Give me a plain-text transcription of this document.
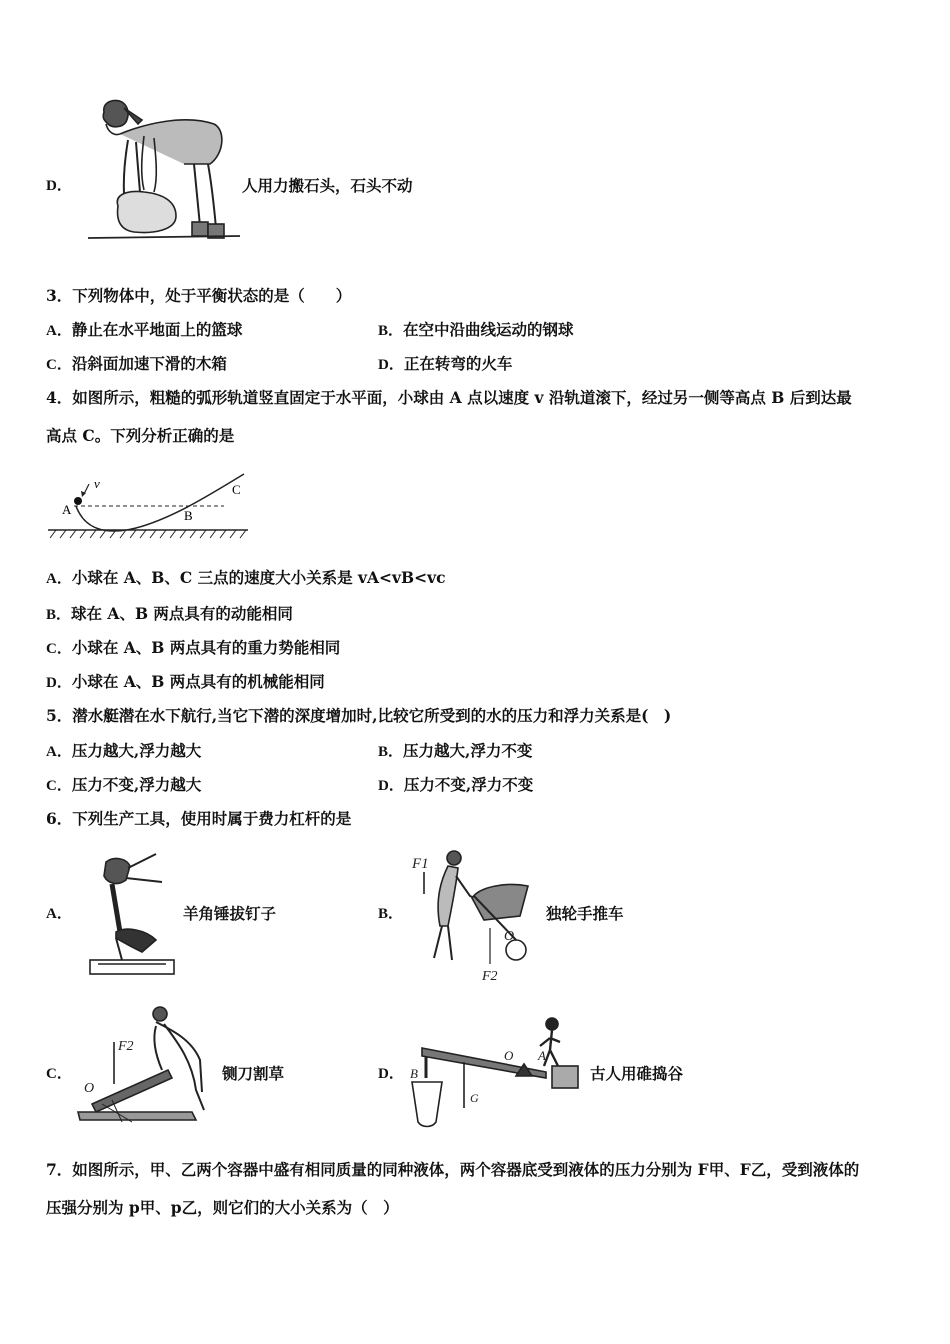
D．	人用力搬石头，石头不动
3．下列物体中，处于平衡状态的是（　　）
A．静止在水平地面上的篮球	B．在空中沿曲线运动的钢球
C．沿斜面加速下滑的木箱	D．正在转弯的火车
4．如图所示，粗糙的弧形轨道竖直固定于水平面，小球由 A 点以速度 v 沿轨道滚下，经过另一侧等高点 B 后到达最
高点 C。下列分析正确的是
v
A	B
C
A．小球在 A、B、C 三点的速度大小关系是 vA<vB<vc
B．球在 A、B 两点具有的动能相同
C．小球在 A、B 两点具有的重力势能相同
D．小球在 A、B 两点具有的机械能相同
5．潜水艇潜在水下航行,当它下潜的深度增加时,比较它所受到的水的压力和浮力关系是(　)
A．压力越大,浮力越大	B．压力越大,浮力不变
C．压力不变,浮力越大	D．压力不变,浮力不变
6．下列生产工具，使用时属于费力杠杆的是
A．	羊角锤拔钉子	B．
F1
O
F2
独轮手推车
C．
F2
O
铡刀割草	D． B
G
O A
古人用碓捣谷
7．如图所示，甲、乙两个容器中盛有相同质量的同种液体，两个容器底受到液体的压力分别为 F甲、F乙，受到液体的
压强分别为 p甲、p乙，则它们的大小关系为（　）
